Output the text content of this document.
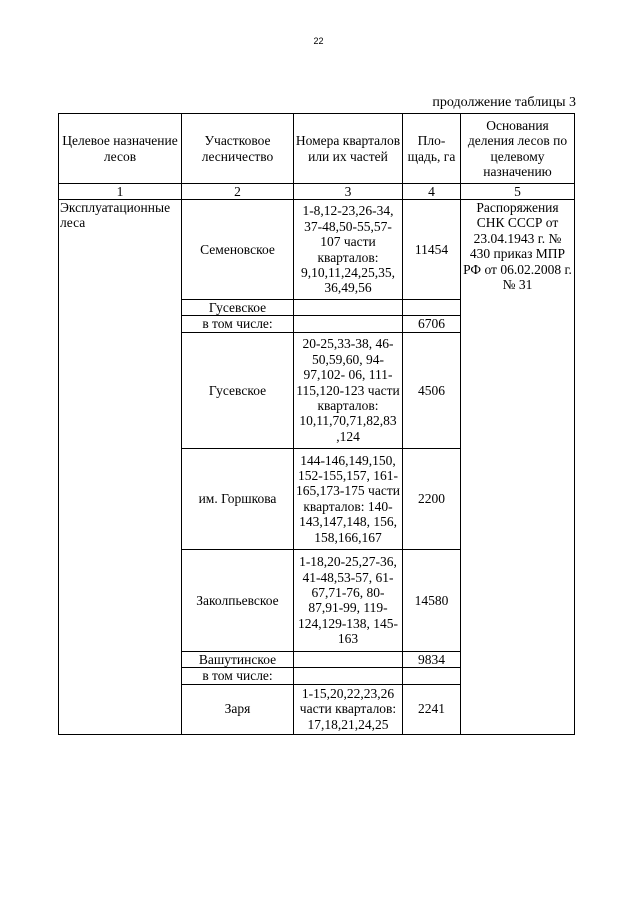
22
продолжение таблицы 3
Целевое назначение лесов	Участковое лесничество	Номера кварталов или их частей	Пло-щадь, га	Основания деления лесов по целевому назначению
1	2	3	4	5
Эксплуатационные леса	Семеновское	1-8,12-23,26-34, 37-48,50-55,57-107 части кварталов: 9,10,11,24,25,35, 36,49,56	11454	Распоряжения СНК СССР от 23.04.1943 г. № 430 приказ МПР РФ от 06.02.2008 г. № 31
	Гусевское			
	в том числе:		6706	
	Гусевское	20-25,33-38, 46-50,59,60, 94-97,102- 06, 111-115,120-123 части кварталов: 10,11,70,71,82,83 ,124	4506	
	им. Горшкова	144-146,149,150, 152-155,157, 161-165,173-175 части кварталов: 140-143,147,148, 156, 158,166,167	2200	
	Заколпьевское	1-18,20-25,27-36, 41-48,53-57, 61-67,71-76, 80-87,91-99, 119-124,129-138, 145-163	14580	
	Вашутинское		9834	
	в том числе:			
	Заря	1-15,20,22,23,26 части кварталов: 17,18,21,24,25	2241	
